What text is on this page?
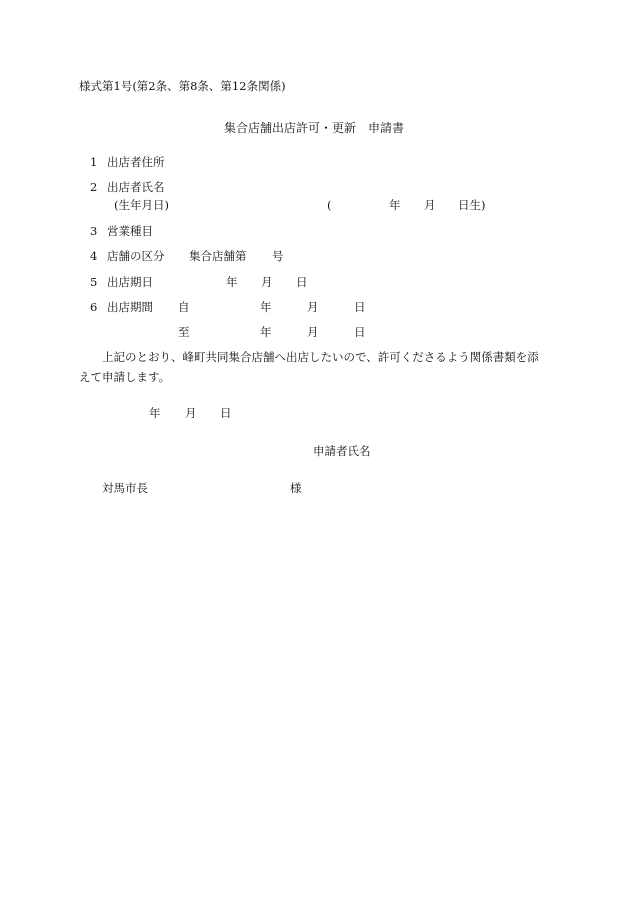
様式第1号(第2条、第8条、第12条関係)
集合店舗出店許可・更新　申請書
1 出店者住所
2 出店者氏名
(生年月日)	(	年 月 日生)
3 営業種目
4 店舗の区分 集合店舗第 号
5 出店期日	年 月 日
6 出店期間 自	年	月	日
至	年	月	日
上記のとおり、峰町共同集合店舗へ出店したいので、許可くださるよう関係書類を添
えて申請します。
年 月 日
申請者氏名
対馬市長	様
